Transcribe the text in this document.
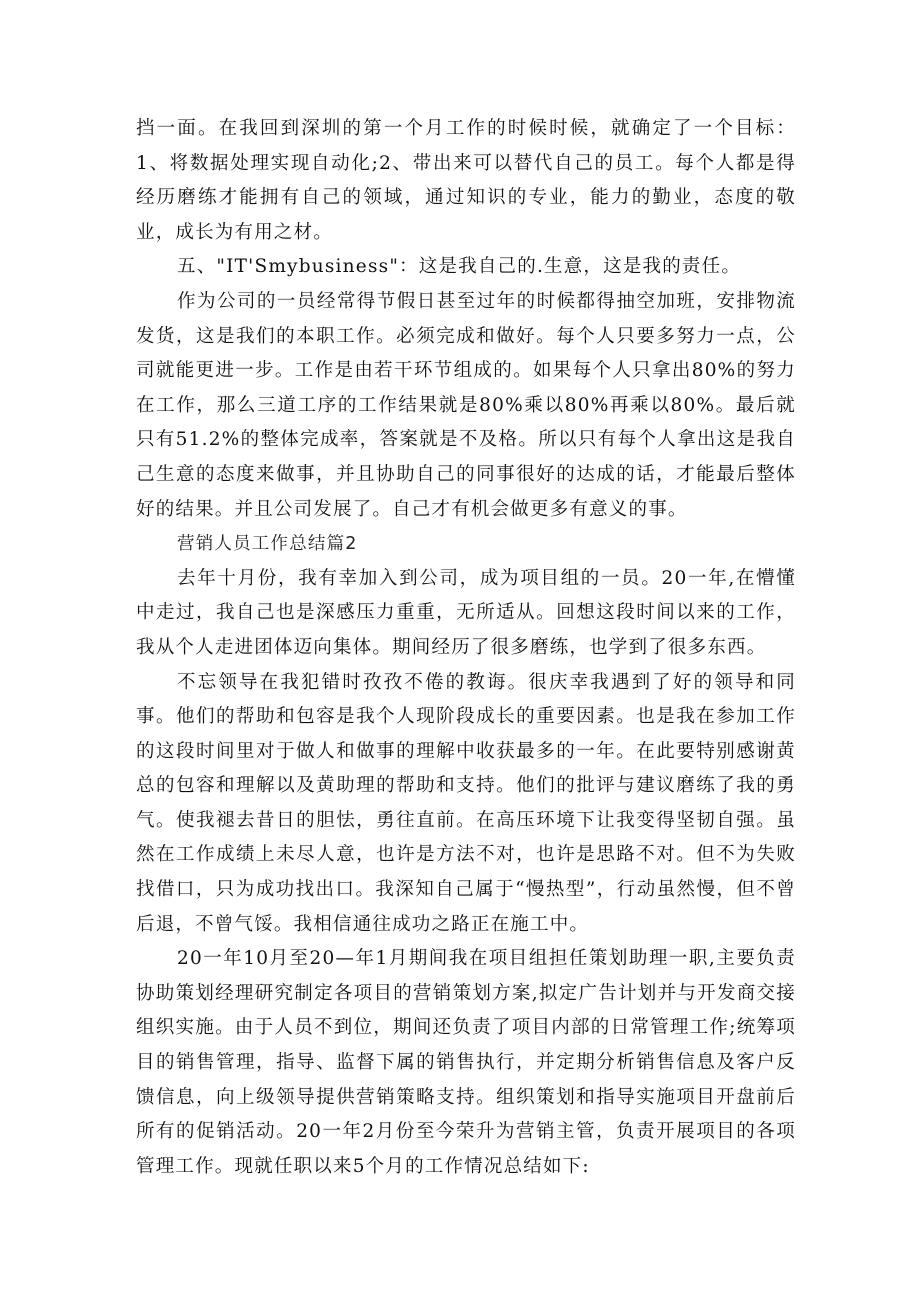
挡一面。在我回到深圳的第一个月工作的时候时候，就确定了一个目标：1、将数据处理实现自动化;2、带出来可以替代自己的员工。每个人都是得经历磨练才能拥有自己的领域，通过知识的专业，能力的勤业，态度的敬业，成长为有用之材。

五、"IT'Smybusiness"：这是我自己的.生意，这是我的责任。

作为公司的一员经常得节假日甚至过年的时候都得抽空加班，安排物流发货，这是我们的本职工作。必须完成和做好。每个人只要多努力一点，公司就能更进一步。工作是由若干环节组成的。如果每个人只拿出80%的努力在工作，那么三道工序的工作结果就是80%乘以80%再乘以80%。最后就只有51.2%的整体完成率，答案就是不及格。所以只有每个人拿出这是我自己生意的态度来做事，并且协助自己的同事很好的达成的话，才能最后整体好的结果。并且公司发展了。自己才有机会做更多有意义的事。

营销人员工作总结篇2

去年十月份，我有幸加入到公司，成为项目组的一员。20一年,在懵懂中走过，我自己也是深感压力重重，无所适从。回想这段时间以来的工作，我从个人走进团体迈向集体。期间经历了很多磨练，也学到了很多东西。

不忘领导在我犯错时孜孜不倦的教诲。很庆幸我遇到了好的领导和同事。他们的帮助和包容是我个人现阶段成长的重要因素。也是我在参加工作的这段时间里对于做人和做事的理解中收获最多的一年。在此要特别感谢黄总的包容和理解以及黄助理的帮助和支持。他们的批评与建议磨练了我的勇气。使我褪去昔日的胆怯，勇往直前。在高压环境下让我变得坚韧自强。虽然在工作成绩上未尽人意，也许是方法不对，也许是思路不对。但不为失败找借口，只为成功找出口。我深知自己属于“慢热型”，行动虽然慢，但不曾后退，不曾气馁。我相信通往成功之路正在施工中。

20一年10月至20—年1月期间我在项目组担任策划助理一职,主要负责协助策划经理研究制定各项目的营销策划方案,拟定广告计划并与开发商交接组织实施。由于人员不到位，期间还负责了项目内部的日常管理工作;统筹项目的销售管理，指导、监督下属的销售执行，并定期分析销售信息及客户反馈信息，向上级领导提供营销策略支持。组织策划和指导实施项目开盘前后所有的促销活动。20一年2月份至今荣升为营销主管，负责开展项目的各项管理工作。现就任职以来5个月的工作情况总结如下:
